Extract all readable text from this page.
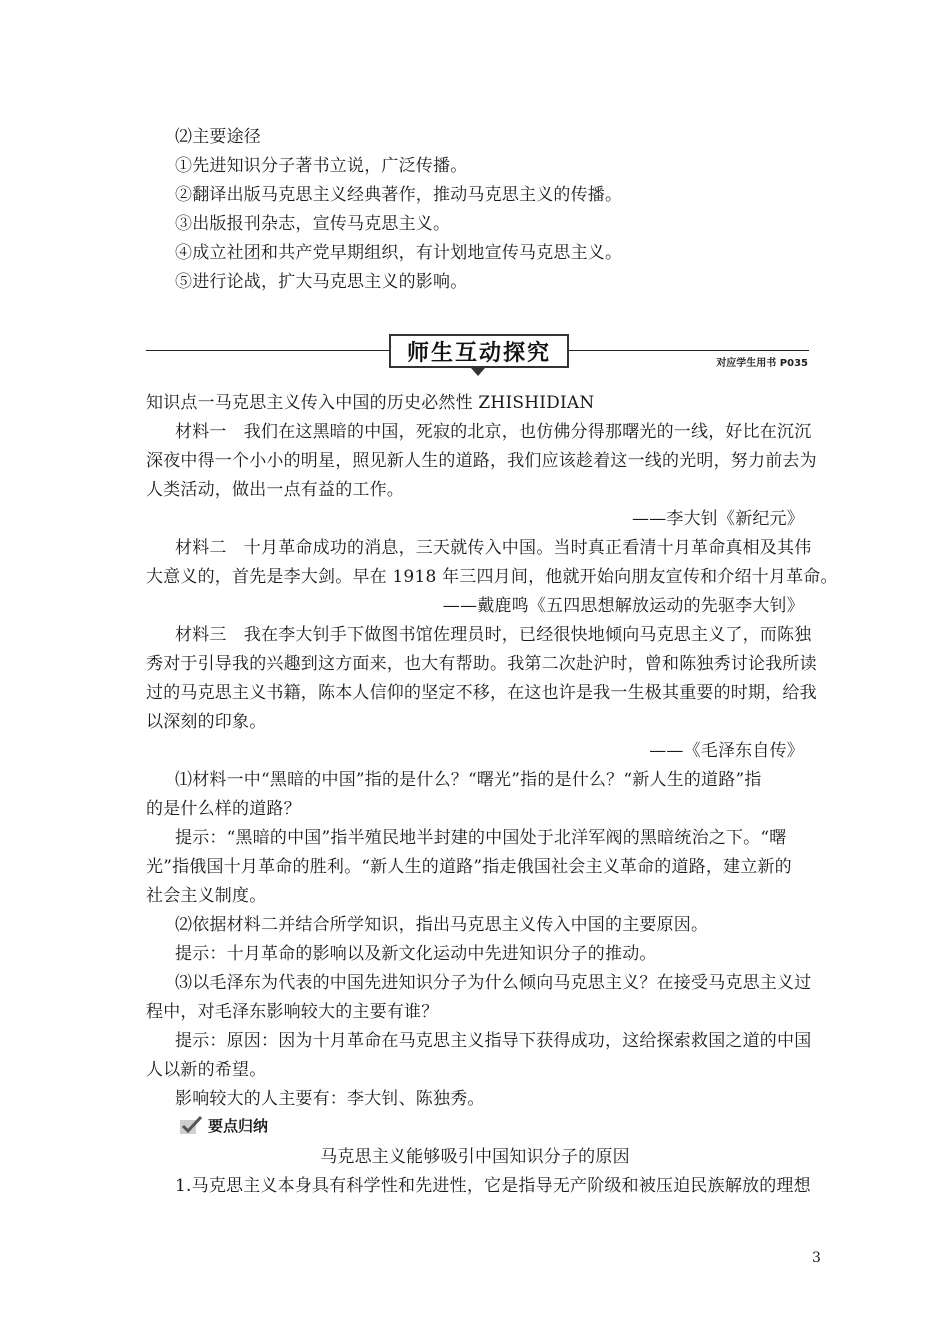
⑵主要途径
①先进知识分子著书立说，广泛传播。
②翻译出版马克思主义经典著作，推动马克思主义的传播。
③出版报刊杂志，宣传马克思主义。
④成立社团和共产党早期组织，有计划地宣传马克思主义。
⑤进行论战，扩大马克思主义的影响。
师生互动探究	对应学生用书 P035
知识点一马克思主义传入中国的历史必然性 ZHISHIDIAN
材料一　我们在这黑暗的中国，死寂的北京，也仿佛分得那曙光的一线，好比在沉沉
深夜中得一个小小的明星，照见新人生的道路，我们应该趁着这一线的光明，努力前去为
人类活动，做出一点有益的工作。
——李大钊《新纪元》
材料二　十月革命成功的消息，三天就传入中国。当时真正看清十月革命真相及其伟
大意义的，首先是李大剑。早在 1918 年三四月间，他就开始向朋友宣传和介绍十月革命。
——戴鹿鸣《五四思想解放运动的先驱李大钊》
材料三　我在李大钊手下做图书馆佐理员时，已经很快地倾向马克思主义了，而陈独
秀对于引导我的兴趣到这方面来，也大有帮助。我第二次赴沪时，曾和陈独秀讨论我所读
过的马克思主义书籍，陈本人信仰的坚定不移，在这也许是我一生极其重要的时期，给我
以深刻的印象。
——《毛泽东自传》
⑴材料一中“黑暗的中国”指的是什么？“曙光”指的是什么？“新人生的道路”指
的是什么样的道路？
提示：“黑暗的中国”指半殖民地半封建的中国处于北洋军阀的黑暗统治之下。“曙
光”指俄国十月革命的胜利。“新人生的道路”指走俄国社会主义革命的道路，建立新的
社会主义制度。
⑵依据材料二并结合所学知识，指出马克思主义传入中国的主要原因。
提示：十月革命的影响以及新文化运动中先进知识分子的推动。
⑶以毛泽东为代表的中国先进知识分子为什么倾向马克思主义？在接受马克思主义过
程中，对毛泽东影响较大的主要有谁？
提示：原因：因为十月革命在马克思主义指导下获得成功，这给探索救国之道的中国
人以新的希望。
影响较大的人主要有：李大钊、陈独秀。
要点归纳
马克思主义能够吸引中国知识分子的原因
1.马克思主义本身具有科学性和先进性，它是指导无产阶级和被压迫民族解放的理想
3
